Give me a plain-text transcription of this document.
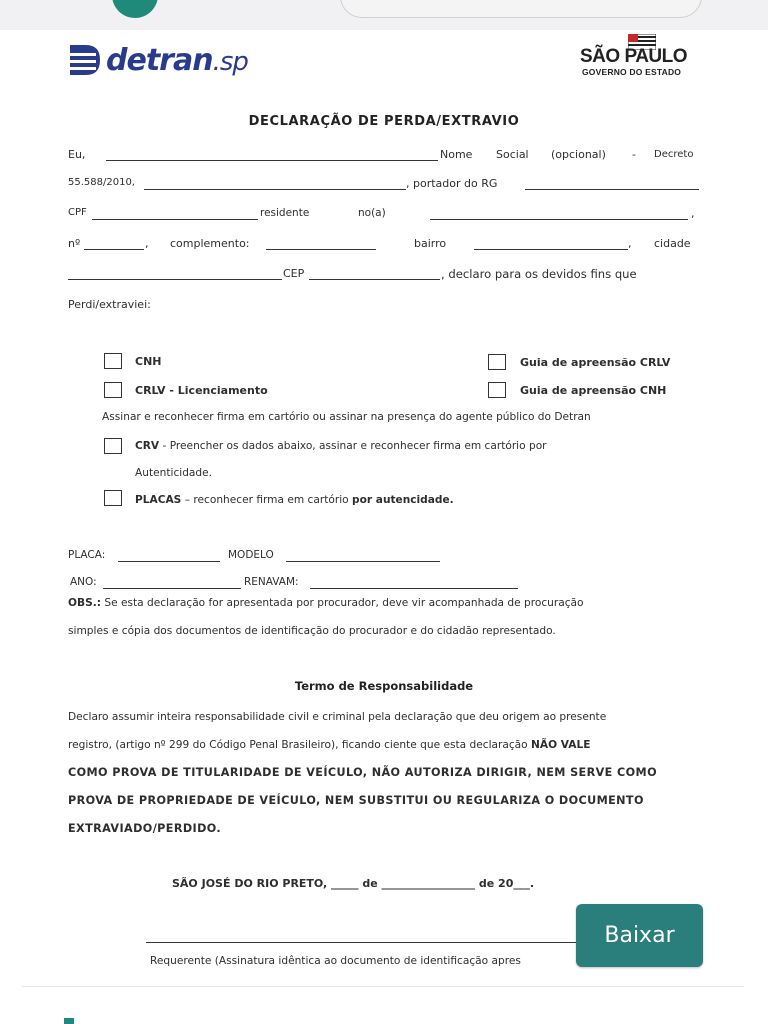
detran.sp	SÃO PAULO
GOVERNO DO ESTADO
DECLARAÇÃO DE PERDA/EXTRAVIO
Eu,	Nome Social (opcional) - Decreto
55.588/2010,	, portador do RG
CPF	residente	no(a)	,
nº	, complemento:	bairro	, cidade
CEP	, declaro para os devidos fins que
Perdi/extraviei:
CNH	Guia de apreensão CRLV
CRLV - Licenciamento	Guia de apreensão CNH
Assinar e reconhecer firma em cartório ou assinar na presença do agente público do Detran
CRV - Preencher os dados abaixo, assinar e reconhecer firma em cartório por
Autenticidade.
PLACAS – reconhecer firma em cartório por autencidade.
PLACA:	MODELO
ANO:	RENAVAM:
OBS.: Se esta declaração for apresentada por procurador, deve vir acompanhada de procuração
simples e cópia dos documentos de identificação do procurador e do cidadão representado.
Termo de Responsabilidade
Declaro assumir inteira responsabilidade civil e criminal pela declaração que deu origem ao presente
registro, (artigo nº 299 do Código Penal Brasileiro), ficando ciente que esta declaração NÃO VALE
COMO PROVA DE TITULARIDADE DE VEÍCULO, NÃO AUTORIZA DIRIGIR, NEM SERVE COMO
PROVA DE PROPRIEDADE DE VEÍCULO, NEM SUBSTITUI OU REGULARIZA O DOCUMENTO
EXTRAVIADO/PERDIDO.
SÃO JOSÉ DO RIO PRETO, _____ de _________________ de 20___.
Requerente (Assinatura idêntica ao documento de identificação apres
Baixar
